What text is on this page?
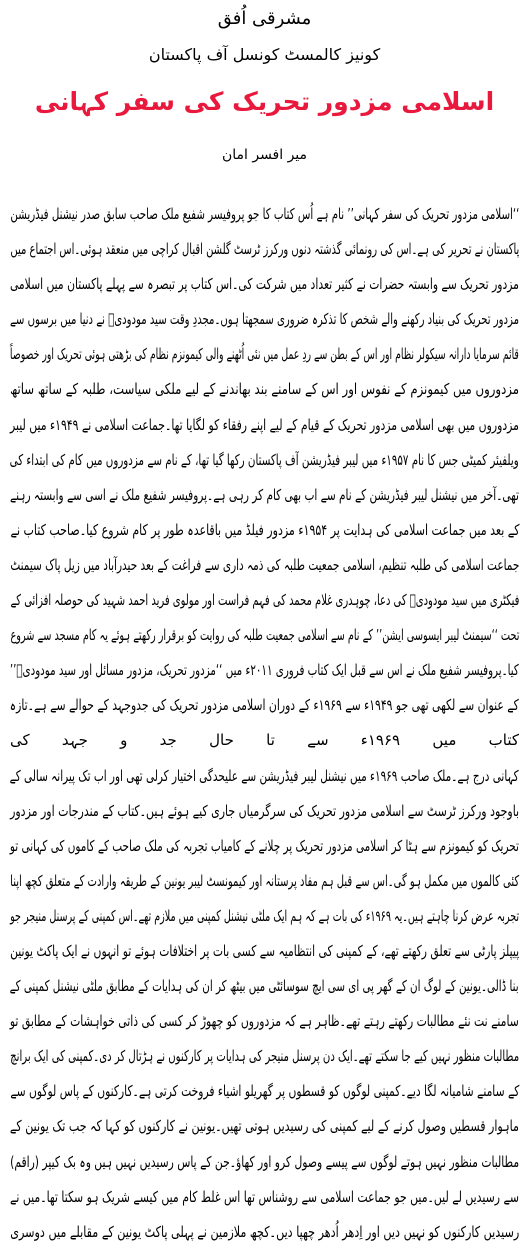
مشرقی اُفق
کونیز کالمسٹ کونسل آف پاکستان
اسلامی مزدور تحریک کی سفر کہانی
میر افسر امان
‘‘اسلامی مزدور تحریک کی سفر کہانی’’ نام ہے اُس کتاب کا جو پروفیسر شفیع ملک صاحب سابق صدر نیشنل فیڈریشن
پاکستان نے تحریر کی ہے۔اس کی رونمائی گذشتہ دنوں ورکرز ٹرسٹ گلشن اقبال کراچی میں منعقد ہوئی۔اس اجتماع میں
مزدور تحریک سے وابستہ حضرات نے کثیر تعداد میں شرکت کی۔اس کتاب پر تبصرہ سے پہلے پاکستان میں اسلامی
مزدور تحریک کی بنیاد رکھنے والے شخص کا تذکرہ ضروری سمجھتا ہوں۔مجددِ وقت سید مودودیؒ نے دنیا میں برسوں سے
قائم سرمایا دارانہ سیکولر نظام اور اس کے بطن سے ردِ عمل میں نئی اُٹھنے والی کیمونزم نظام کی بڑھتی ہوئی تحریک اور خصوصاً
مزدوروں میں کیمونزم کے نفوس اور اس کے سامنے بند بھاندنے کے لیے ملکی سیاست، طلبہ کے ساتھ ساتھ
مزدوروں میں بھی اسلامی مزدور تحریک کے قیام کے لیے اپنے رفقاء کو لگایا تھا۔جماعت اسلامی نے ۱۹۴۹ء میں لیبر
ویلفیئر کمیٹی جس کا نام ۱۹۵۷ء میں لیبر فیڈریشن آف پاکستان رکھا گیا تھا، کے نام سے مزدوروں میں کام کی ابتداء کی
تھی۔آخر میں نیشنل لیبر فیڈریشن کے نام سے اب بھی کام کر رہی ہے۔پروفیسر شفیع ملک نے اسی سے وابستہ رہنے
کے بعد میں جماعت اسلامی کی ہدایت پر ۱۹۵۴ء مزدور فیلڈ میں باقاعدہ طور پر کام شروع کیا۔صاحب کتاب نے
جماعت اسلامی کی طلبہ تنظیم، اسلامی جمعیت طلبہ کی ذمہ داری سے فراغت کے بعد حیدرآباد میں زیل پاک سیمنٹ
فیکٹری میں سید مودودیؒ کی دعا، چوہدری غلام محمد کی فہم فراست اور مولوی فرید احمد شہید کی حوصلہ افزائی کے
تحت ‘‘سیمنٹ لیبر ایسوسی ایشن’’ کے نام سے اسلامی جمعیت طلبہ کی روایت کو برقرار رکھتے ہوئے یہ کام مسجد سے شروع
کیا۔پروفیسر شفیع ملک نے اس سے قبل ایک کتاب فروری ۲۰۱۱ء میں ‘‘مزدور تحریک، مزدور مسائل اور سید مودودیؒ’’
کے عنوان سے لکھی تھی جو ۱۹۴۹ء سے ۱۹۶۹ء کے دوران اسلامی مزدور تحریک کی جدوجہد کے حوالے سے ہے۔تازہ
کتاب میں ۱۹۶۹ء سے تا حال جد و جہد کی
کہانی درج ہے۔ملک صاحب ۱۹۶۹ء میں نیشنل لیبر فیڈریشن سے علیحدگی اختیار کرلی تھی اور اب تک پیرانہ سالی کے
باوجود ورکرز ٹرسٹ سے اسلامی مزدور تحریک کی سرگرمیاں جاری کیے ہوئے ہیں۔کتاب کے مندرجات اور مزدور
تحریک کو کیمونزم سے ہٹا کر اسلامی مزدور تحریک پر چلانے کے کامیاب تجربہ کی ملک صاحب کے کاموں کی کہانی تو
کئی کالموں میں مکمل ہو گی۔اس سے قبل ہم مفاد پرستانہ اور کیمونسٹ لیبر یونین کے طریقہ وارادت کے متعلق کچھ اپنا
تجربہ عرض کرنا چاہتے ہیں۔یہ ۱۹۶۹ء کی بات ہے کہ ہم ایک ملٹی نیشنل کمپنی میں ملازم تھے۔اس کمپنی کے پرسنل منیجر جو
پیپلز پارٹی سے تعلق رکھتے تھے، کے کمپنی کی انتظامیہ سے کسی بات پر اختلافات ہوئے تو انہوں نے ایک پاکٹ یونین
بنا ڈالی۔یونین کے لوگ ان کے گھر پی ای سی ایچ سوسائٹی میں بیٹھ کر ان کی ہدایات کے مطابق ملٹی نیشنل کمپنی کے
سامنے نت نئے مطالبات رکھتے رہتے تھے۔ظاہر ہے کہ مزدوروں کو چھوڑ کر کسی کی ذاتی خواہشات کے مطابق تو
مطالبات منظور نہیں کیے جا سکتے تھے۔ایک دن پرسنل منیجر کی ہدایات پر کارکنوں نے ہڑتال کر دی۔کمپنی کی ایک برانچ
کے سامنے شامیانہ لگا دیے۔کمپنی لوگوں کو قسطوں پر گھریلو اشیاء فروخت کرتی ہے۔کارکنوں کے پاس لوگوں سے
ماہوار قسطیں وصول کرنے کے لیے کمپنی کی رسیدیں ہوتی تھیں۔یونین نے کارکنوں کو کہا کہ جب تک یونین کے
مطالبات منظور نہیں ہوتے لوگوں سے پیسے وصول کرو اور کھاؤ۔جن کے پاس رسیدیں نہیں ہیں وہ بک کیپر (راقم)
سے رسیدیں لے لیں۔میں جو جماعت اسلامی سے روشناس تھا اس غلط کام میں کیسے شریک ہو سکتا تھا۔میں نے
رسیدیں کارکنوں کو نہیں دیں اور اِدھر اُدھر چھپا دیں۔کچھ ملازمین نے پہلی پاکٹ یونین کے مقابلے میں دوسری
